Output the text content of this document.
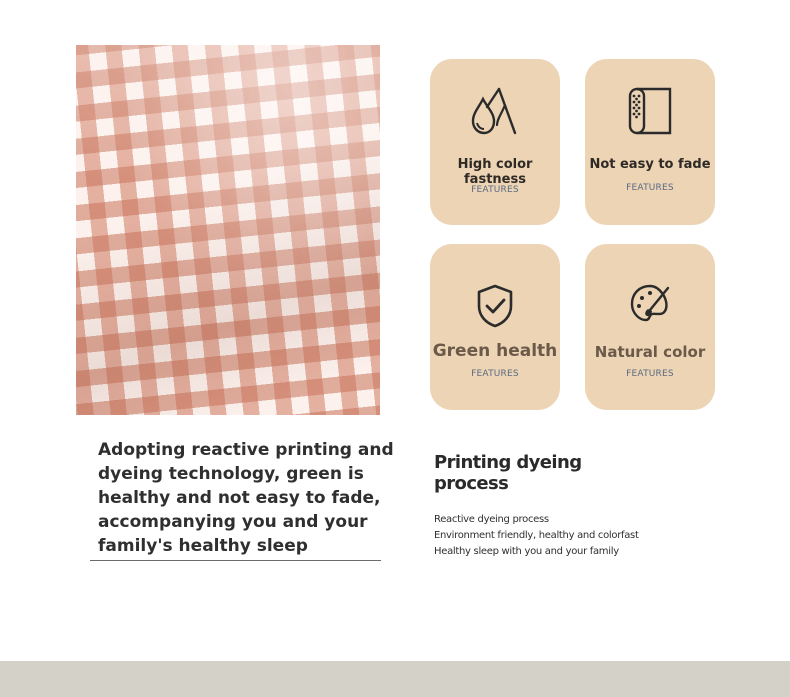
High color fastness
FEATURES
Not easy to fade
FEATURES
Green health
FEATURES
Natural color
FEATURES

Adopting reactive printing and dyeing technology, green is healthy and not easy to fade, accompanying you and your family's healthy sleep

Printing dyeing process
Reactive dyeing process
Environment friendly, healthy and colorfast
Healthy sleep with you and your family
